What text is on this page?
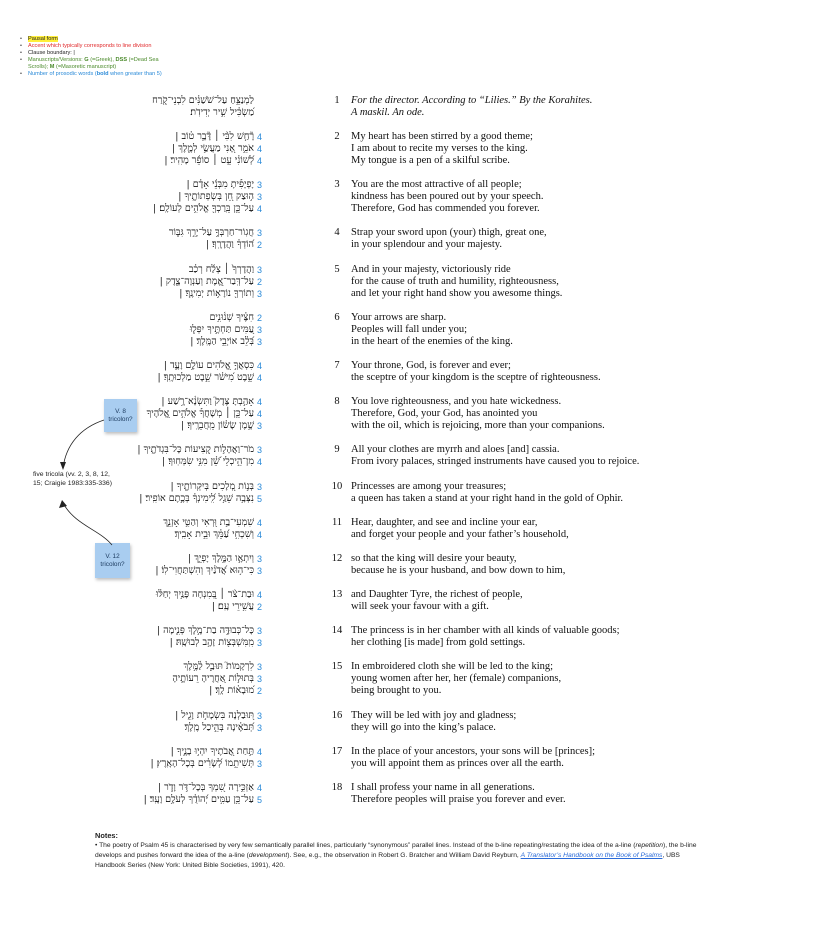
• Pausal form
• Accent which typically corresponds to line division
• Clause boundary: |
• Manuscripts/Versions: G (=Greek), DSS (=Dead Sea Scrolls); M (=Masoretic manuscript)
• Number of prosodic words (bold when greater than 5)
1
לַמְנַצֵּ֥חַ עַל־שֹׁשַׁנִּ֗ים לִבְנֵי־קֹ֑רַח	For the director. According to “Lilies.” By the Korahites.
מַ֝שְׂכִּ֗יל שִׁ֣יר יְדִידֹֽת׃	A maskil. An ode.
2
רָ֘חַ֤שׁ לִבִּ֨י ׀ דָּ֘בָ֤ר ט֗וֹב | 4	My heart has been stirred by a good theme;
אֹמֵ֣ר אָ֭נִי מַעֲשַׂ֣י לְמֶ֑לֶךְ | 4	I am about to recite my verses to the king.
לְ֝שׁוֹנִ֗י עֵ֤ט ׀ סוֹפֵ֬ר מָהִֽיר׃ | 4	My tongue is a pen of a skilful scribe.
3
יָפְיָפִ֡יתָ מִבְּנֵ֬י אָדָ֗ם | 3	You are the most attractive of all people;
ה֣וּצַק חֵ֭ן בְּשְׂפְתוֹתֶ֑יךָ | 3	kindness has been poured out by your speech.
עַל־כֵּ֤ן בֵּֽרַכְךָ֖ אֱלֹהִ֣ים לְעוֹלָֽם׃ | 4	Therefore, God has commended you forever.
4
חֲגֽוֹר־חַרְבְּךָ֣ עַל־יָרֵ֣ךְ גִּבּ֑וֹר 3	Strap your sword upon (your) thigh, great one,
ה֝וֹדְךָ֗ וַהֲדָרֶֽךָ׃ | 2	in your splendour and your majesty.
5
וַהֲדָרְךָ֙ ׀ צְלַ֬ח רְכַ֗ב 3	And in your majesty, victoriously ride
עַל־דְּֽבַר־אֱ֭מֶת וְעַנְוָה־צֶ֑דֶק | 2	for the cause of truth and humility, righteousness,
וְתוֹרְךָ֖ נוֹרָא֣וֹת יְמִינֶֽךָ׃ | 3	and let your right hand show you awesome things.
6
חִצֶּ֗יךָ שְׁנ֫וּנִ֥ים 2	Your arrows are sharp.
עַ֭מִּים תַּחְתֶּ֣יךָ יִפְּל֑וּ 3	Peoples will fall under you;
בְּ֝לֵ֗ב אוֹיְבֵ֥י הַמֶּֽלֶךְ׃ | 3	in the heart of the enemies of the king.
7
כִּסְאֲךָ֣ אֱ֭לֹהִים עוֹלָ֣ם וָעֶ֑ד | 4	Your throne, God, is forever and ever;
שֵׁ֥בֶט מִ֝ישֹׁ֗ר שֵׁ֣בֶט מַלְכוּתֶֽךָ׃ | 4	the sceptre of your kingdom is the sceptre of righteousness.
8
אָהַ֣בְתָּ צֶּדֶק֮ וַתִּשְׂנָ֫א־רֶ֥שַׁע | 4	You love righteousness, and you hate wickedness.
עַל־כֵּ֤ן ׀ מְשָׁחֲךָ֡ אֱלֹהִ֣ים אֱ֭לֹהֶיךָ 4	Therefore, God, your God, has anointed you
שֶׁ֥מֶן שָׂשׂ֗וֹן מֵֽחֲבֵרֶֽיךָ׃ | 3	with the oil, which is rejoicing, more than your companions.
9
מֹר־וַאֲהָל֣וֹת קְ֭צִיעוֹת כָּל־בִּגְדֹתֶ֑יךָ | 3	All your clothes are myrrh and aloes [and] cassia.
מִן־הֵ֥יכְלֵי שֵׁ֝֗ן מִנִּ֥י שִׂמְּחֽוּךָ׃ | 4	From ivory palaces, stringed instruments have caused you to rejoice.
10
בְּנ֣וֹת מְ֭לָכִים בְּיִקְּרוֹתֶ֑יךָ | 3	Princesses are among your treasures;
נִצְּבָ֥ה שֵׁגַ֥ל לִֽ֝ימִינְךָ֗ בְּכֶ֣תֶם אוֹפִֽיר׃ | 5	a queen has taken a stand at your right hand in the gold of Ophir.
11
שִׁמְעִי־בַ֣ת וּ֭רְאִי וְהַטִּ֣י אָזְנֵ֑ךְ 4	Hear, daughter, and see and incline your ear,
וְשִׁכְחִ֥י עַ֝מֵּ֗ךְ וּבֵ֥ית אָבִֽיךְ׃ 4	and forget your people and your father’s household,
12
וְיִתְאָ֣ו הַמֶּ֣לֶךְ יָפְיֵ֑ךְ | 3	so that the king will desire your beauty,
כִּי־ה֥וּא אֲ֝דֹנַ֗יִךְ וְהִשְׁתַּחֲוִי־לֽוֹ׃ | 3	because he is your husband, and bow down to him,
13
וּבַת־צֹ֨ר ׀ בְּ֭מִנְחָה פָּנַ֥יִךְ יְחַלּ֗וּ 4	and Daughter Tyre, the richest of people,
עֲשִׁ֥ירֵי עָֽם׃ | 2	will seek your favour with a gift.
14
כָּל־כְּבוּדָּ֣ה בַת־מֶ֣לֶךְ פְּנִ֑ימָה | 3	The princess is in her chamber with all kinds of valuable goods;
מִֽמִּשְׁבְּצ֖וֹת זָהָ֣ב לְבוּשָֽׁהּ׃ | 3	her clothing [is made] from gold settings.
15
לִרְקָמוֹת֮ תּוּבַ֪ל לַ֫מֶּ֥לֶךְ 3	In embroidered cloth she will be led to the king;
בְּתוּל֣וֹת אַ֭חֲרֶיהָ רֵעוֹתֶ֑יהָ 3	young women after her, her (female) companions,
מ֝וּבָא֗וֹת לָֽךְ׃ | 2	being brought to you.
16
תּ֭וּבַלְנָה בִּשְׂמָחֹ֣ת וָגִ֑יל | 3	They will be led with joy and gladness;
תְּ֝בֹאֶ֗ינָה בְּהֵ֣יכַל מֶֽלֶךְ׃ 3	they will go into the king’s palace.
17
תַּ֣חַת אֲ֭בֹתֶיךָ יִהְי֣וּ בָנֶ֑יךָ | 4	In the place of your ancestors, your sons will be [princes];
תְּשִׁיתֵ֥מוֹ לְ֝שָׂרִ֗ים בְּכָל־הָאָֽרֶץ׃ | 3	you will appoint them as princes over all the earth.
18
אַזְכִּ֣ירָה שִׁ֭מְךָ בְּכָל־דֹּ֣ר וָדֹ֑ר | 4	I shall profess your name in all generations.
עַל־כֵּ֥ן עַמִּ֥ים יְ֝הוֹדֻ֗ךָ לְעֹלָ֥ם וָעֶֽד׃ | 5	Therefore peoples will praise you forever and ever.
V. 8 tricolon?
V. 12 tricolon?
five tricola (vv. 2, 3, 8, 12, 15; Craigie 1983:335-336)
Notes:
• The poetry of Psalm 45 is characterised by very few semantically parallel lines, particularly “synonymous” parallel lines. Instead of the b-line repeating/restating the idea of the a-line (repetition), the b-line develops and pushes forward the idea of the a-line (development). See, e.g., the observation in Robert G. Bratcher and William David Reyburn, A Translator’s Handbook on the Book of Psalms, UBS Handbook Series (New York: United Bible Societies, 1991), 420.
